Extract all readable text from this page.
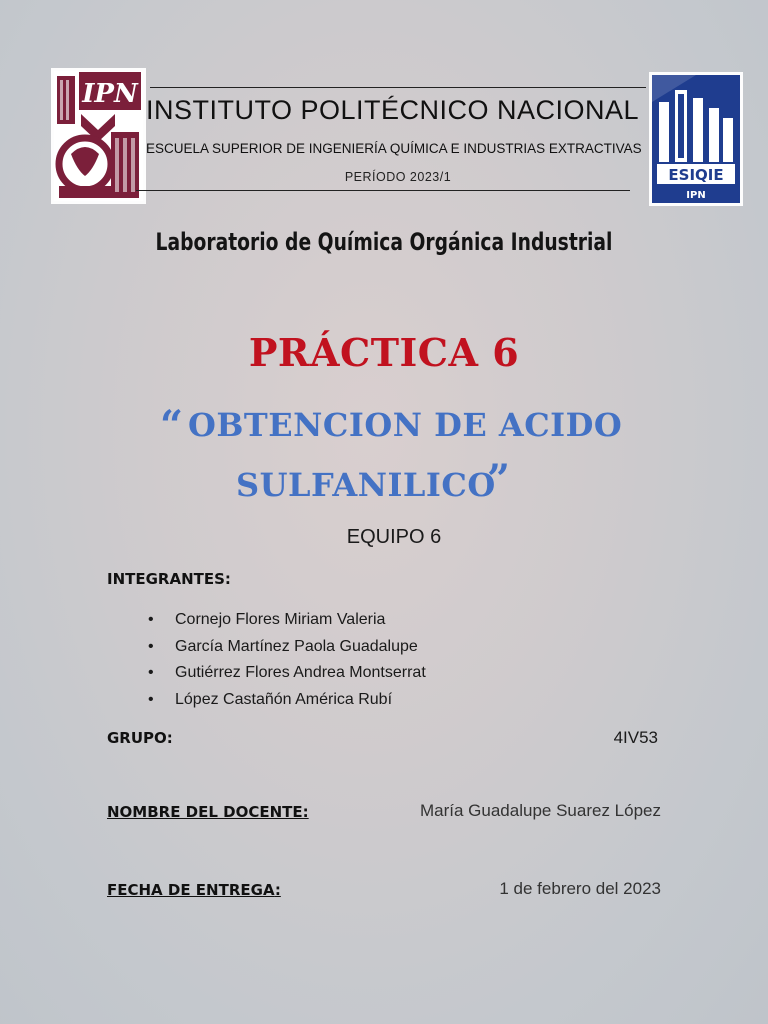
IPN
ESIQIE
IPN
INSTITUTO POLITÉCNICO NACIONAL
ESCUELA SUPERIOR DE INGENIERÍA QUÍMICA E INDUSTRIAS EXTRACTIVAS
PERÍODO 2023/1
Laboratorio de Química Orgánica Industrial
PRÁCTICA 6
“ OBTENCION DE ACIDO
SULFANILICO
”
EQUIPO 6
INTEGRANTES:
• Cornejo Flores Miriam Valeria
• García Martínez Paola Guadalupe
• Gutiérrez Flores Andrea Montserrat
• López Castañón América Rubí
GRUPO:	4IV53
NOMBRE DEL DOCENTE:	María Guadalupe Suarez López
FECHA DE ENTREGA:	1 de febrero del 2023
